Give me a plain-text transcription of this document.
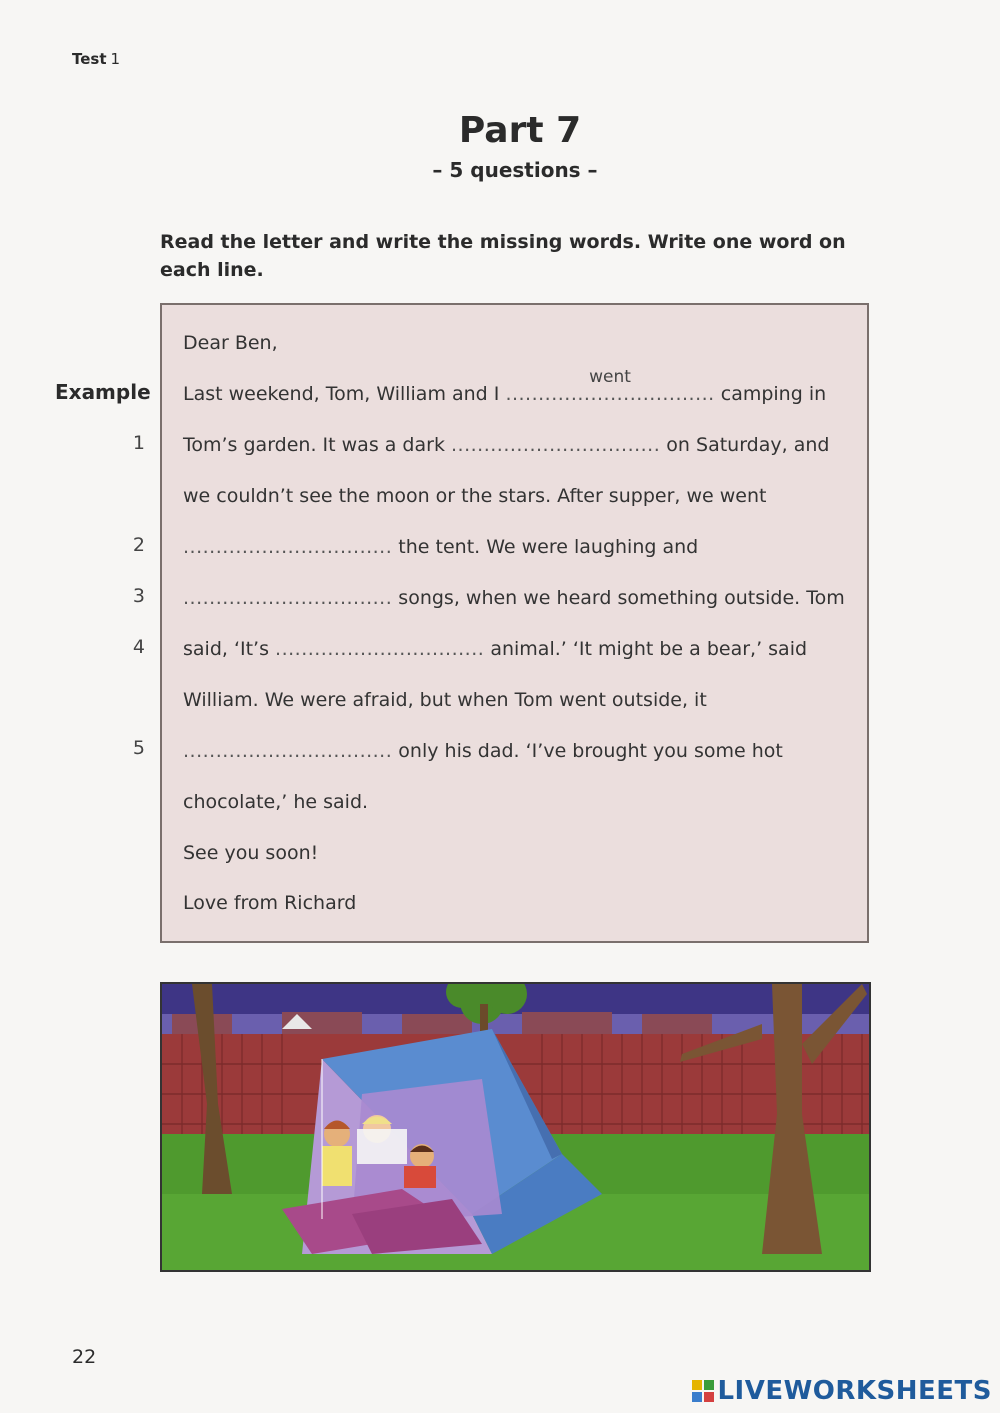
Test 1
Part 7
– 5 questions –
Read the letter and write the missing words. Write one word on each line.
Example
1
2
3
4
5
Dear Ben,
Last weekend, Tom, William and I ................................
went
camping in
Tom’s garden. It was a dark ................................ on Saturday, and
we couldn’t see the moon or the stars. After supper, we went
................................ the tent. We were laughing and
................................ songs, when we heard something outside. Tom
said, ‘It’s ................................ animal.’ ‘It might be a bear,’ said
William. We were afraid, but when Tom went outside, it
................................ only his dad. ‘I’ve brought you some hot
chocolate,’ he said.
See you soon!
Love from Richard
22
LIVEWORKSHEETS
